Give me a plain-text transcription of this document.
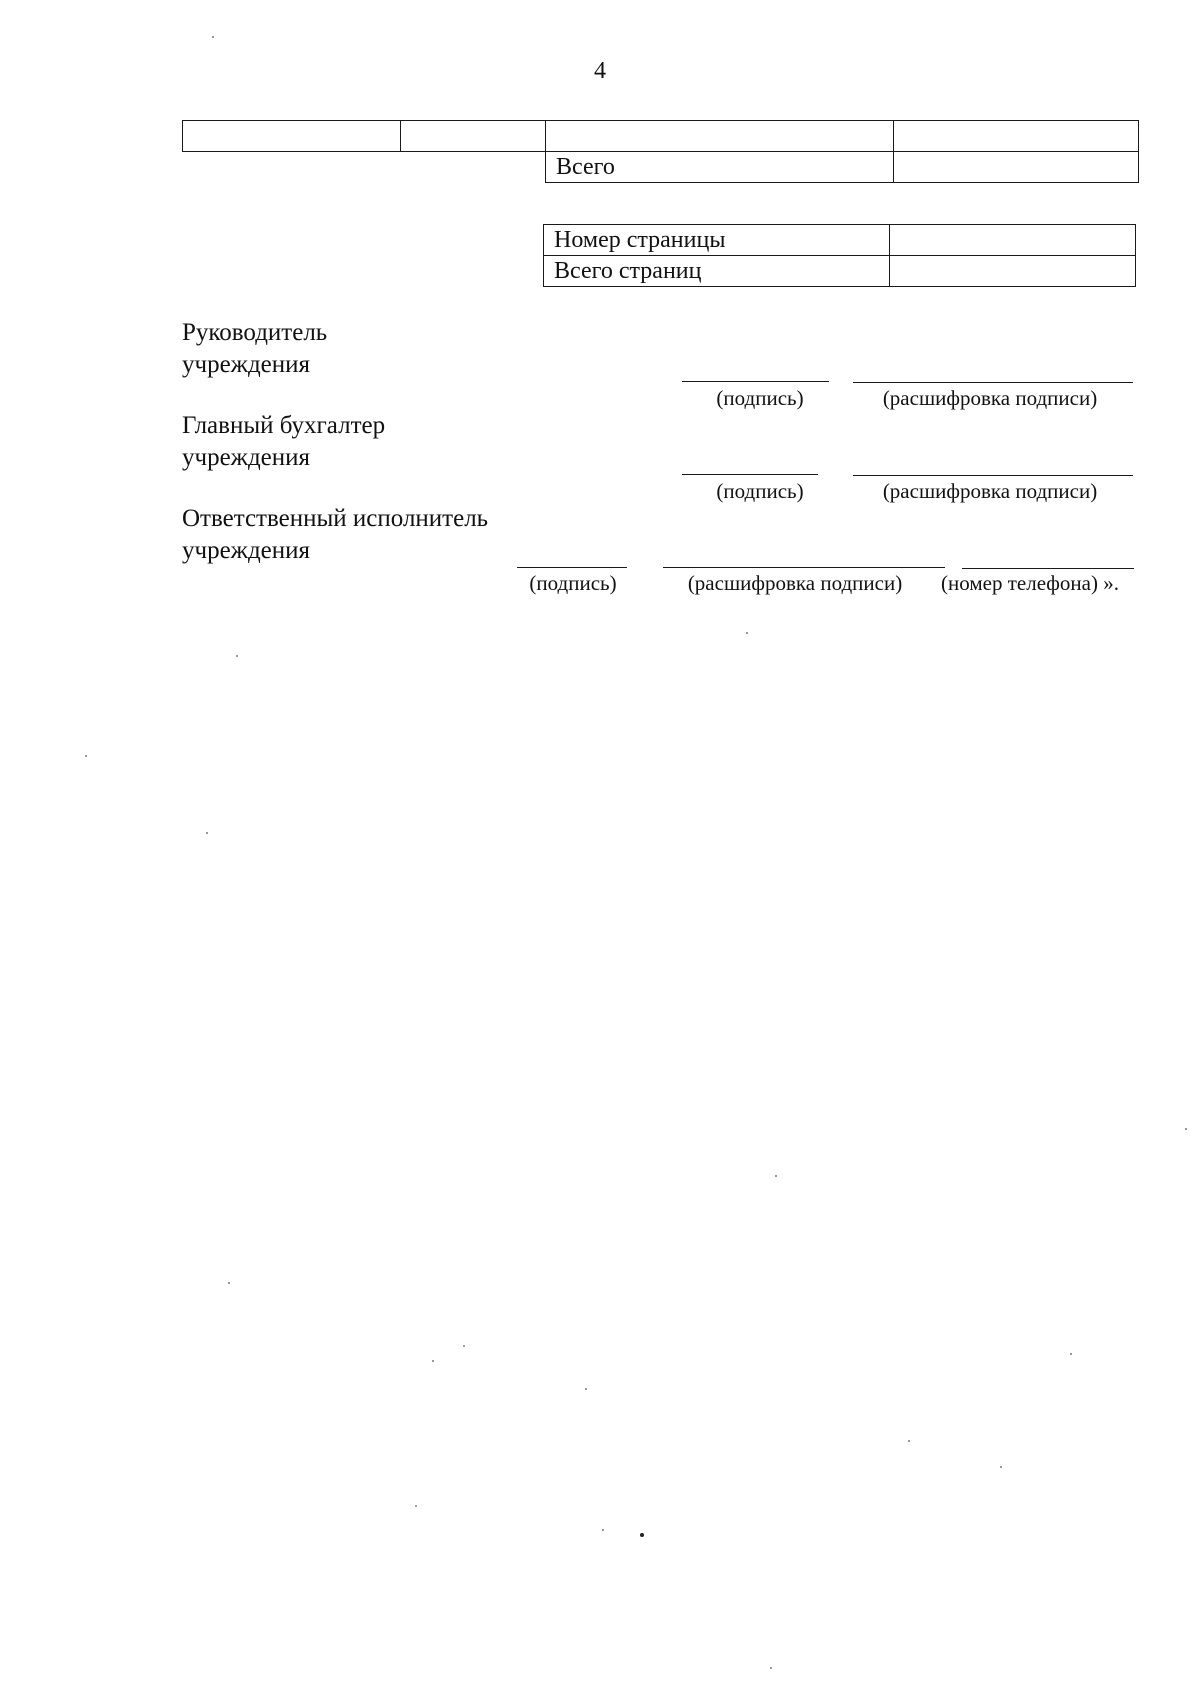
4

		Всего	
Номер страницы	
Всего страниц	
Руководитель
учреждения
(подпись)	(расшифровка подписи)
Главный бухгалтер
учреждения
(подпись)	(расшифровка подписи)
Ответственный исполнитель
учреждения
(подпись)	(расшифровка подписи)	(номер телефона) ».
